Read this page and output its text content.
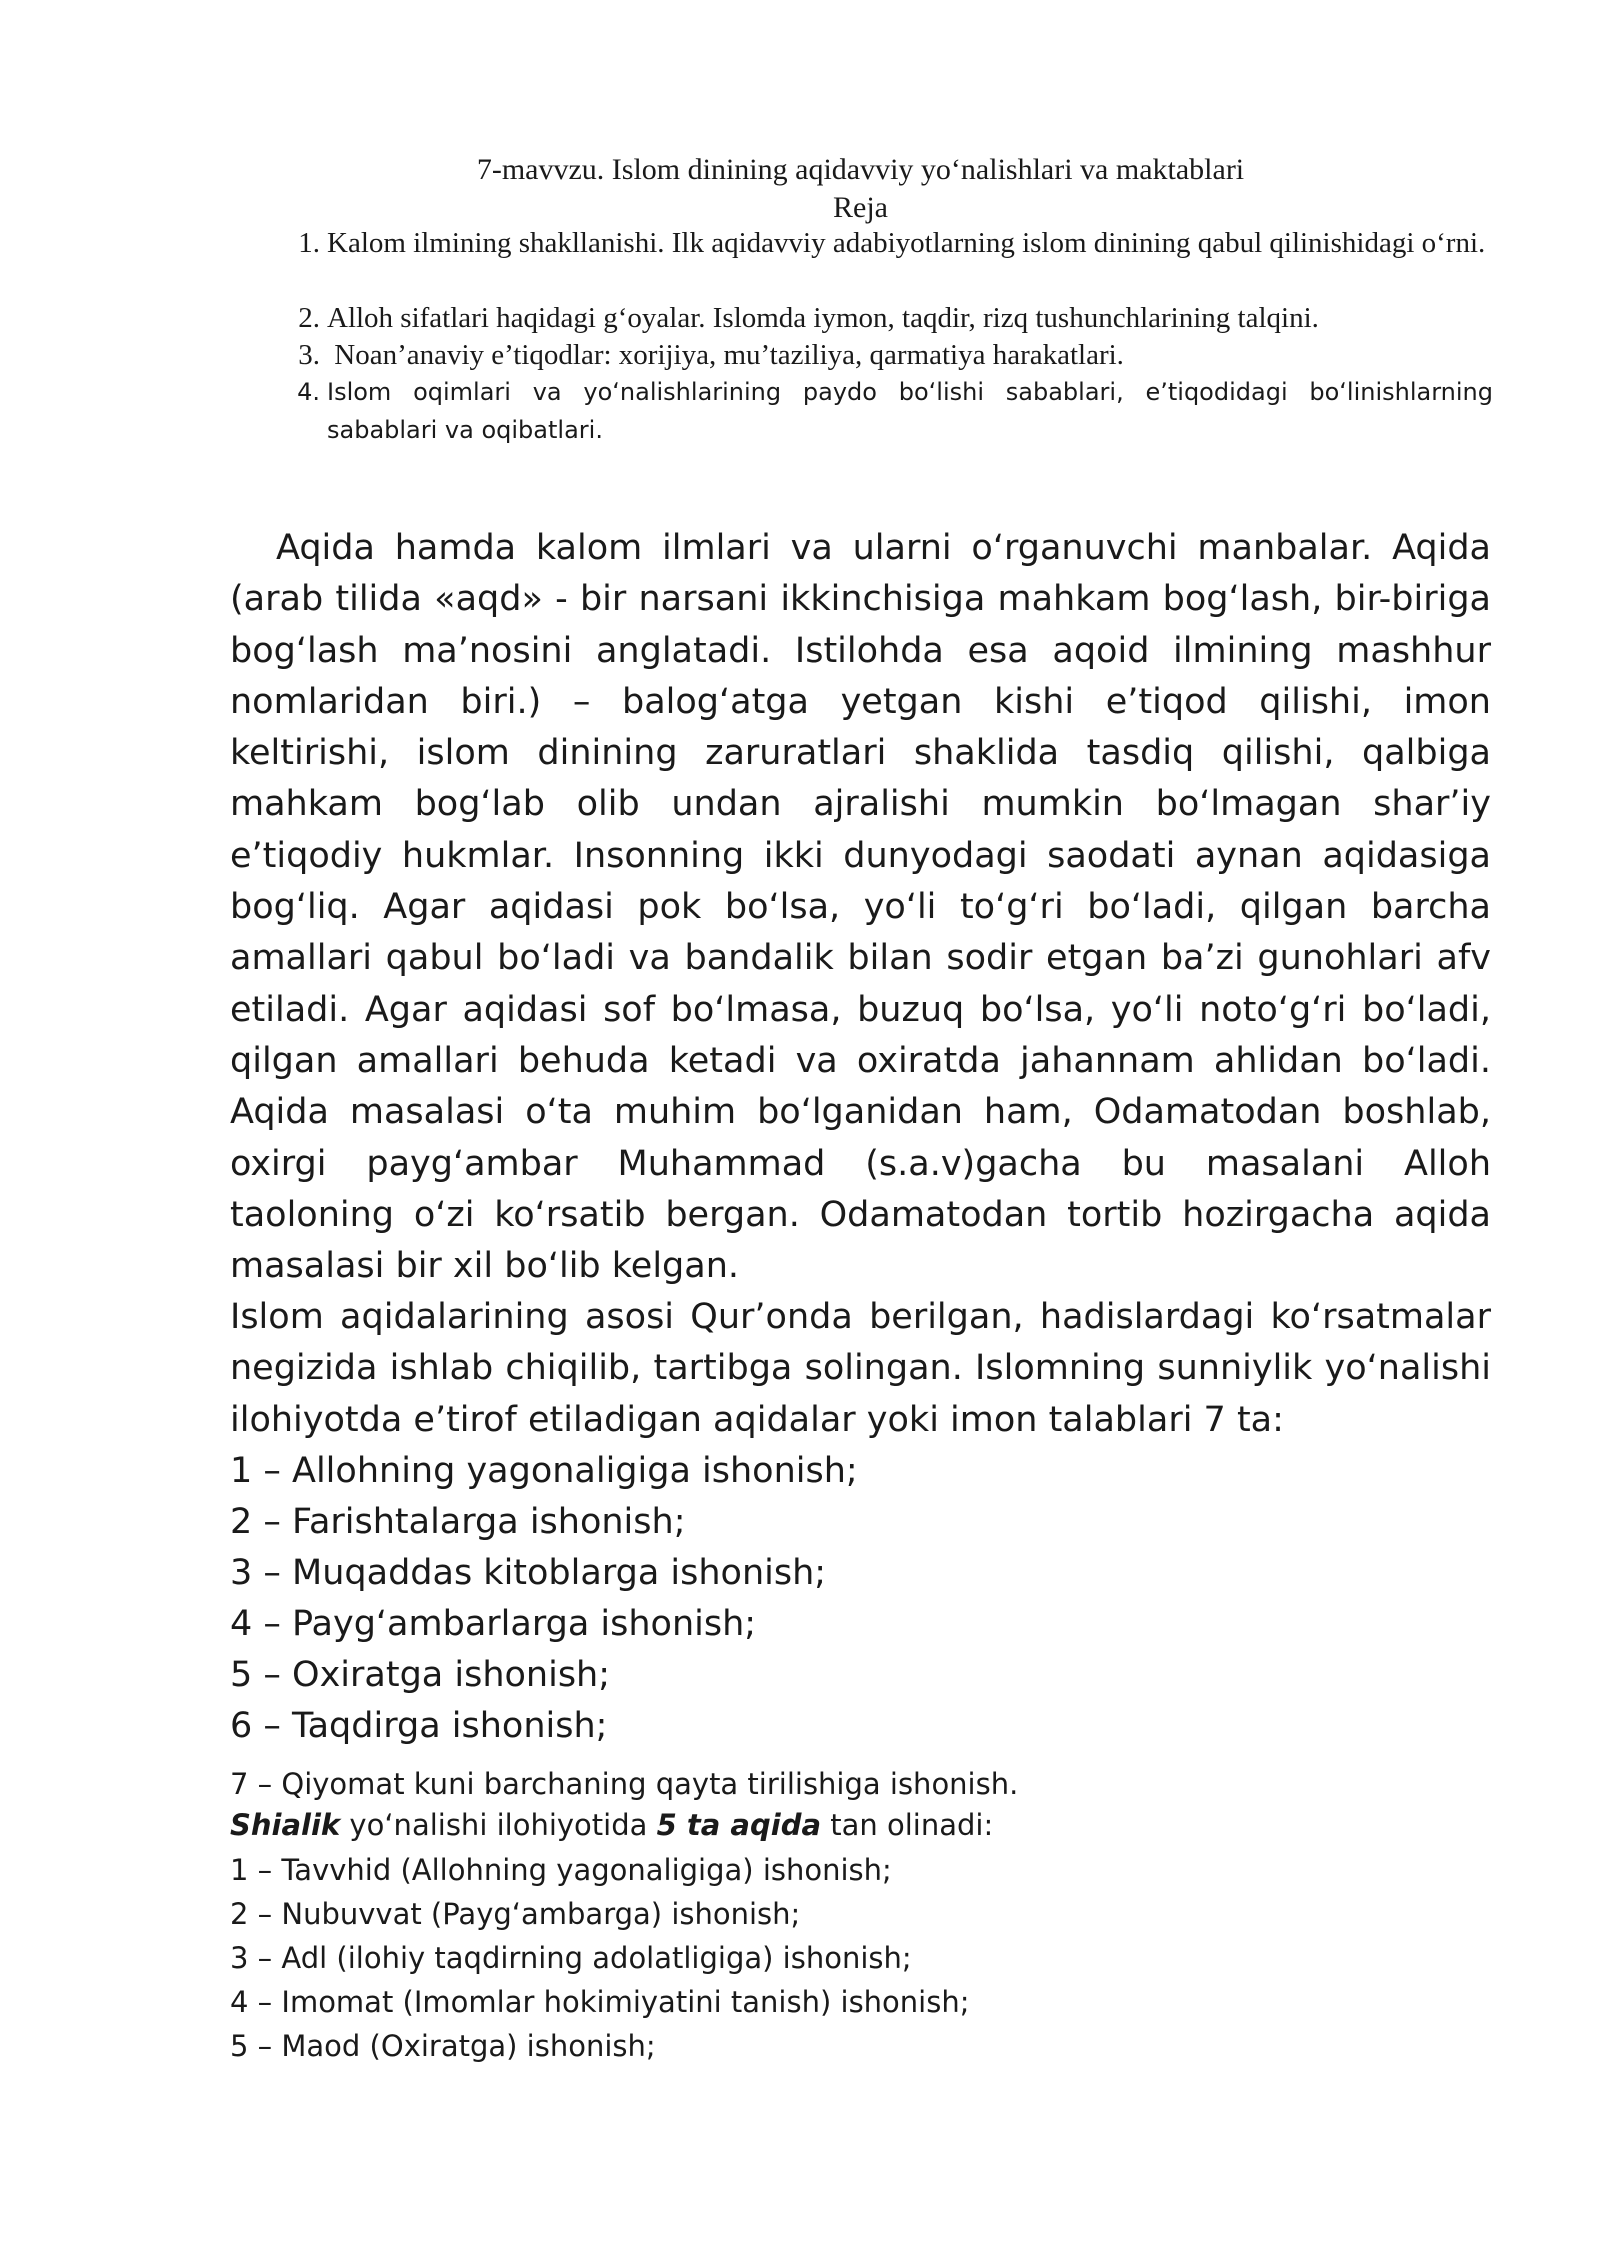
7-mavvzu. Islom dinining aqidavviy yo‘nalishlari va maktablari
Reja
1. Kalom ilmining shakllanishi. Ilk aqidavviy adabiyotlarning islom dinining qabul qilinishidagi o‘rni.
2. Alloh sifatlari haqidagi g‘oyalar. Islomda iymon, taqdir, rizq tushunchlarining talqini.
3. Noan’anaviy e’tiqodlar: xorijiya, mu’taziliya, qarmatiya harakatlari.
4. Islom oqimlari va yoʻnalishlarining paydo boʻlishi sabablari, eʼtiqodidagi boʻlinishlarning sabablari va oqibatlari.

Aqida hamda kalom ilmlari va ularni oʻrganuvchi manbalar. Aqida (arab tilida «aqd» - bir narsani ikkinchisiga mahkam bogʻlash, bir-biriga bogʻlash maʼnosini anglatadi. Istilohda esa aqoid ilmining mashhur nomlaridan biri.) – balogʻatga yetgan kishi eʼtiqod qilishi, imon keltirishi, islom dinining zaruratlari shaklida tasdiq qilishi, qalbiga mahkam bogʻlab olib undan ajralishi mumkin boʻlmagan sharʼiy eʼtiqodiy hukmlar. Insonning ikki dunyodagi saodati aynan aqidasiga bogʻliq. Agar aqidasi pok boʻlsa, yoʻli toʻgʻri boʻladi, qilgan barcha amallari qabul boʻladi va bandalik bilan sodir etgan baʼzi gunohlari afv etiladi. Agar aqidasi sof boʻlmasa, buzuq boʻlsa, yoʻli notoʻgʻri boʻladi, qilgan amallari behuda ketadi va oxiratda jahannam ahlidan boʻladi. Aqida masalasi oʻta muhim boʻlganidan ham, Odamatodan boshlab, oxirgi paygʻambar Muhammad (s.a.v)gacha bu masalani Alloh taoloning oʻzi koʻrsatib bergan. Odamatodan tortib hozirgacha aqida masalasi bir xil boʻlib kelgan.

Islom aqidalarining asosi Qur’onda berilgan, hadislardagi koʻrsatmalar negizida ishlab chiqilib, tartibga solingan. Islomning sunniylik yoʻnalishi ilohiyotda eʼtirof etiladigan aqidalar yoki imon talablari 7 ta:

1 – Allohning yagonaligiga ishonish;
2 – Farishtalarga ishonish;
3 – Muqaddas kitoblarga ishonish;
4 – Paygʻambarlarga ishonish;
5 – Oxiratga ishonish;
6 – Taqdirga ishonish;
7 – Qiyomat kuni barchaning qayta tirilishiga ishonish.
Shialik yoʻnalishi ilohiyotida 5 ta aqida tan olinadi:
1 – Tavvhid (Allohning yagonaligiga) ishonish;
2 – Nubuvvat (Paygʻambarga) ishonish;
3 – Adl (ilohiy taqdirning adolatligiga) ishonish;
4 – Imomat (Imomlar hokimiyatini tanish) ishonish;
5 – Maod (Oxiratga) ishonish;
